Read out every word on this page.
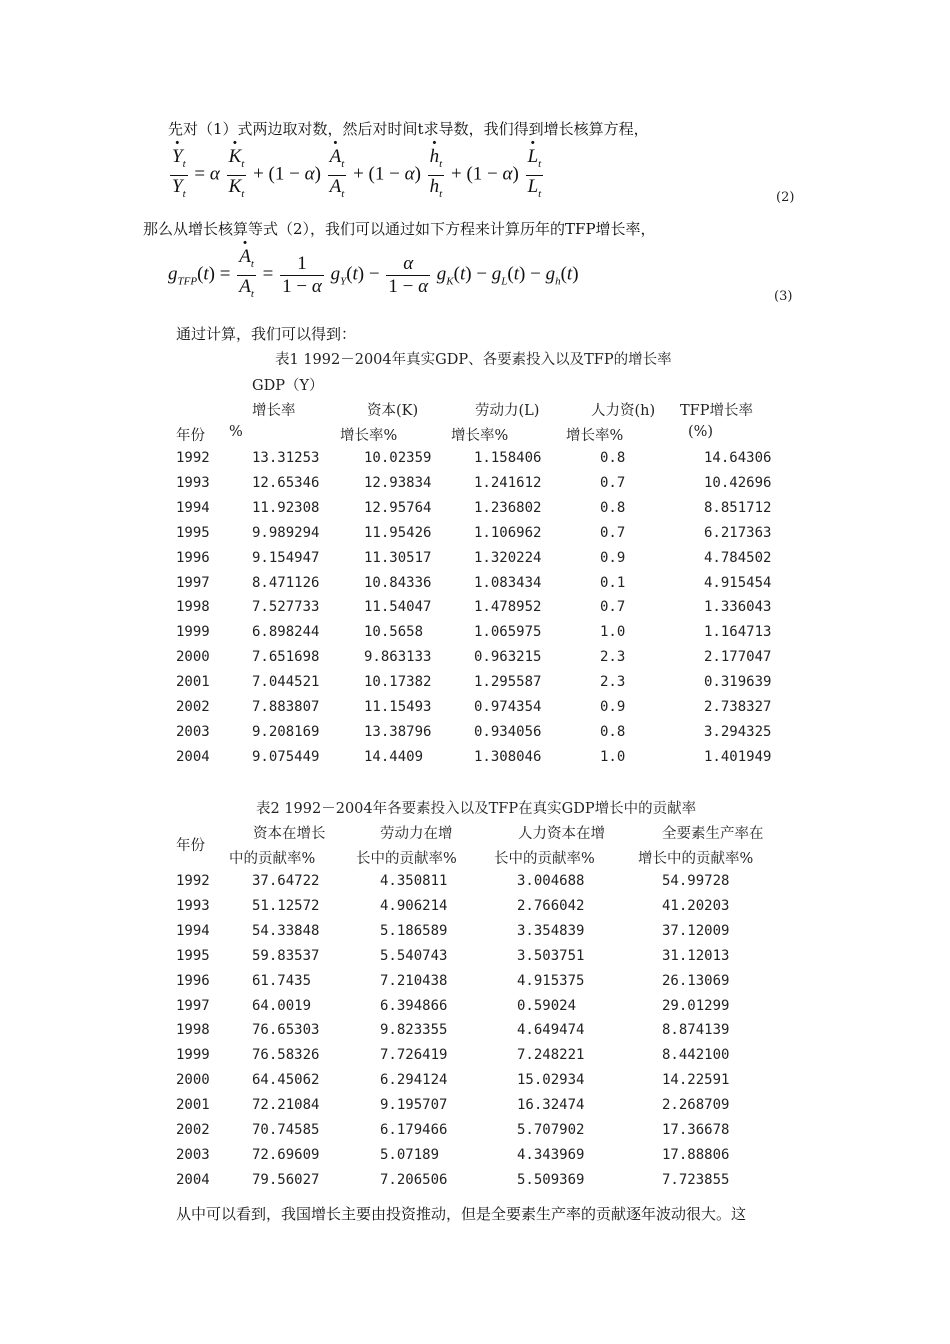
先对（1）式两边取对数，然后对时间t求导数，我们得到增长核算方程，
· $\frac{Y_t}{Y_t} = \alpha$
· $\frac{K_t}{K_t} + (1 - \alpha)$
· $\frac{A_t}{A_t} + (1 - \alpha)$
· $\frac{h_t}{h_t} + (1 - \alpha)$
· $\frac{L_t}{L_t}$	(2)
那么从增长核算等式（2），我们可以通过如下方程来计算历年的TFP增长率，
$g_{TFP}(t)$ =
· $\frac{A_t}{A_t} = \frac{1}{1 - \alpha} g_Y(t) - \frac{\alpha}{1 - \alpha} g_K(t) - g_L(t) - g_h(t)$
(3)
通过计算，我们可以得到：
表1 1992－2004年真实GDP、各要素投入以及TFP的增长率
GDP（Y）
增长率	资本(K)	劳动力(L)	人力资(h) TFP增长率
年份 %	增长率%	增长率%	增长率%	(%)
1992	13.31253	10.02359	1.158406	0.8	14.64306
1993	12.65346	12.93834	1.241612	0.7	10.42696
1994	11.92308	12.95764	1.236802	0.8	8.851712
1995	9.989294	11.95426	1.106962	0.7	6.217363
1996	9.154947	11.30517	1.320224	0.9	4.784502
1997	8.471126	10.84336	1.083434	0.1	4.915454
1998	7.527733	11.54047	1.478952	0.7	1.336043
1999	6.898244	10.5658	1.065975	1.0	1.164713
2000	7.651698	9.863133	0.963215	2.3	2.177047
2001	7.044521	10.17382	1.295587	2.3	0.319639
2002	7.883807	11.15493	0.974354	0.9	2.738327
2003	9.208169	13.38796	0.934056	0.8	3.294325
2004	9.075449	14.4409	1.308046	1.0	1.401949
表2 1992－2004年各要素投入以及TFP在真实GDP增长中的贡献率
年份
资本在增长
中的贡献率%
劳动力在增
长中的贡献率%
人力资本在增
长中的贡献率%
全要素生产率在
增长中的贡献率%
1992	37.64722	4.350811	3.004688	54.99728
1993	51.12572	4.906214	2.766042	41.20203
1994	54.33848	5.186589	3.354839	37.12009
1995	59.83537	5.540743	3.503751	31.12013
1996	61.7435	7.210438	4.915375	26.13069
1997	64.0019	6.394866	0.59024	29.01299
1998	76.65303	9.823355	4.649474	8.874139
1999	76.58326	7.726419	7.248221	8.442100
2000	64.45062	6.294124	15.02934	14.22591
2001	72.21084	9.195707	16.32474	2.268709
2002	70.74585	6.179466	5.707902	17.36678
2003	72.69609	5.07189	4.343969	17.88806
2004	79.56027	7.206506	5.509369	7.723855
从中可以看到，我国增长主要由投资推动，但是全要素生产率的贡献逐年波动很大。这
